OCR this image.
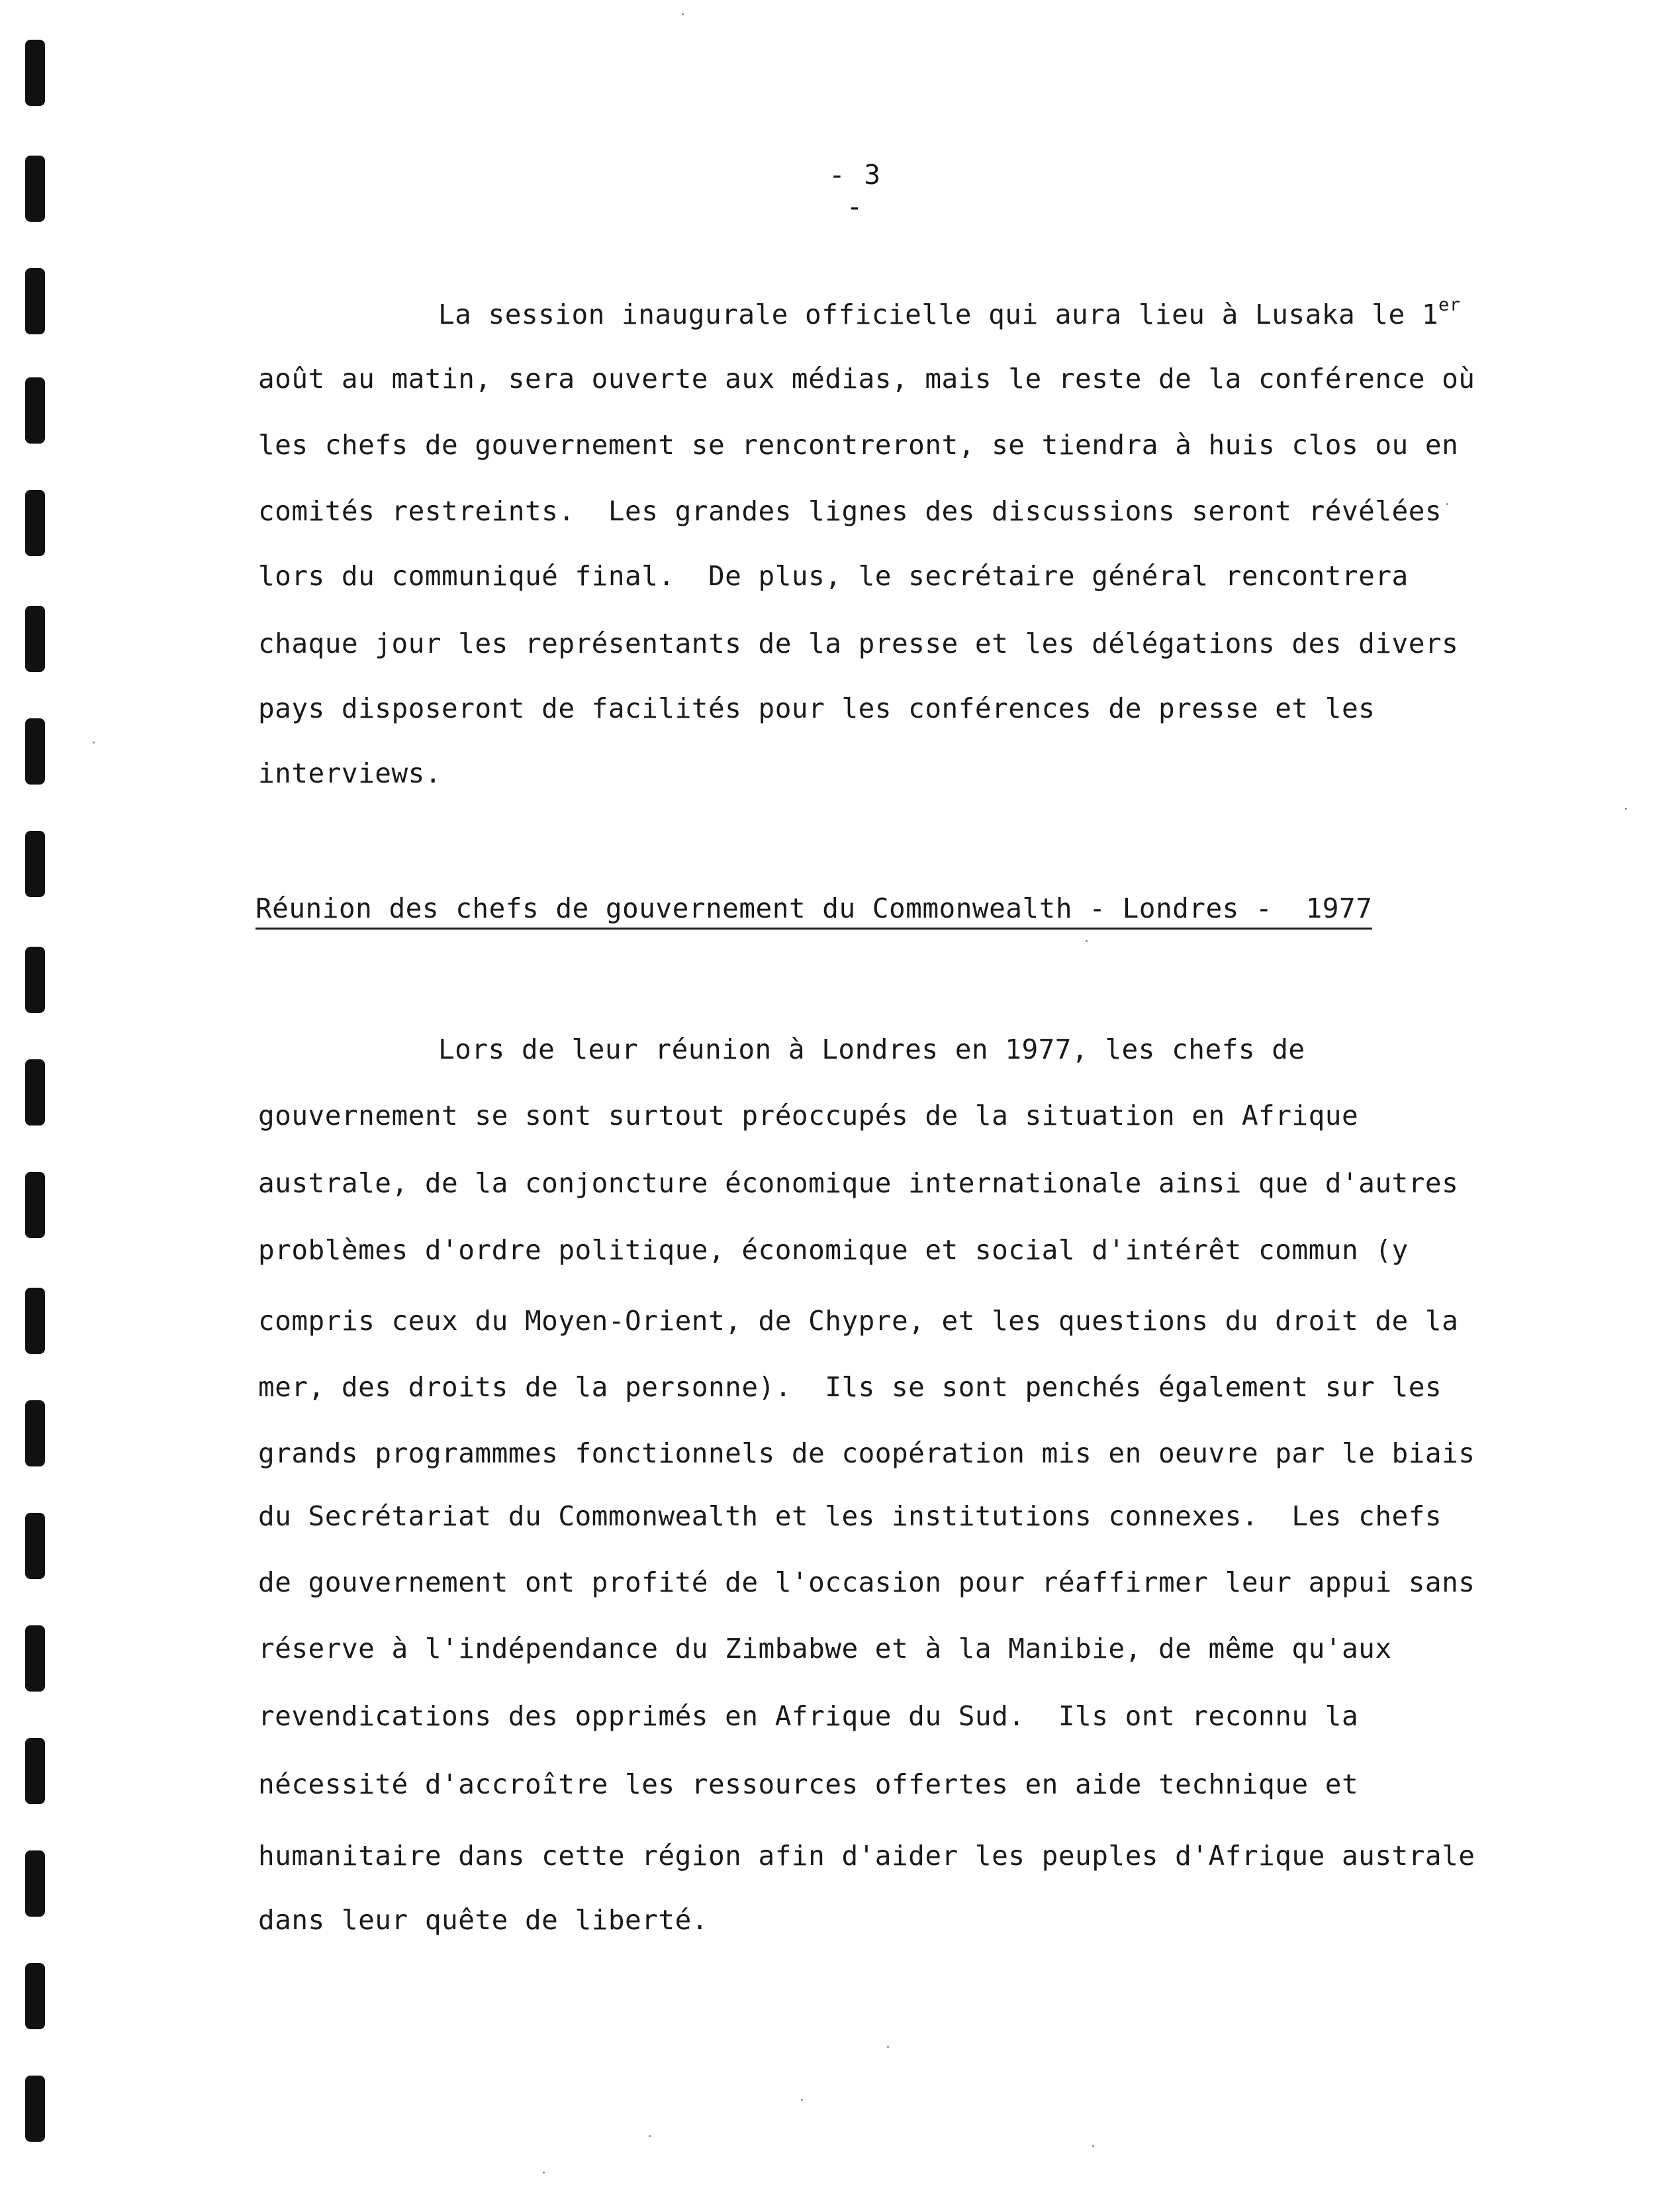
- 3 -
La session inaugurale officielle qui aura lieu à Lusaka le 1er
août au matin, sera ouverte aux médias, mais le reste de la conférence où
les chefs de gouvernement se rencontreront, se tiendra à huis clos ou en
comités restreints.  Les grandes lignes des discussions seront révélées
lors du communiqué final.  De plus, le secrétaire général rencontrera
chaque jour les représentants de la presse et les délégations des divers
pays disposeront de facilités pour les conférences de presse et les
interviews.
Réunion des chefs de gouvernement du Commonwealth - Londres -  1977
Lors de leur réunion à Londres en 1977, les chefs de
gouvernement se sont surtout préoccupés de la situation en Afrique
australe, de la conjoncture économique internationale ainsi que d'autres
problèmes d'ordre politique, économique et social d'intérêt commun (y
compris ceux du Moyen-Orient, de Chypre, et les questions du droit de la
mer, des droits de la personne).  Ils se sont penchés également sur les
grands programmmes fonctionnels de coopération mis en oeuvre par le biais
du Secrétariat du Commonwealth et les institutions connexes.  Les chefs
de gouvernement ont profité de l'occasion pour réaffirmer leur appui sans
réserve à l'indépendance du Zimbabwe et à la Manibie, de même qu'aux
revendications des opprimés en Afrique du Sud.  Ils ont reconnu la
nécessité d'accroître les ressources offertes en aide technique et
humanitaire dans cette région afin d'aider les peuples d'Afrique australe
dans leur quête de liberté.
